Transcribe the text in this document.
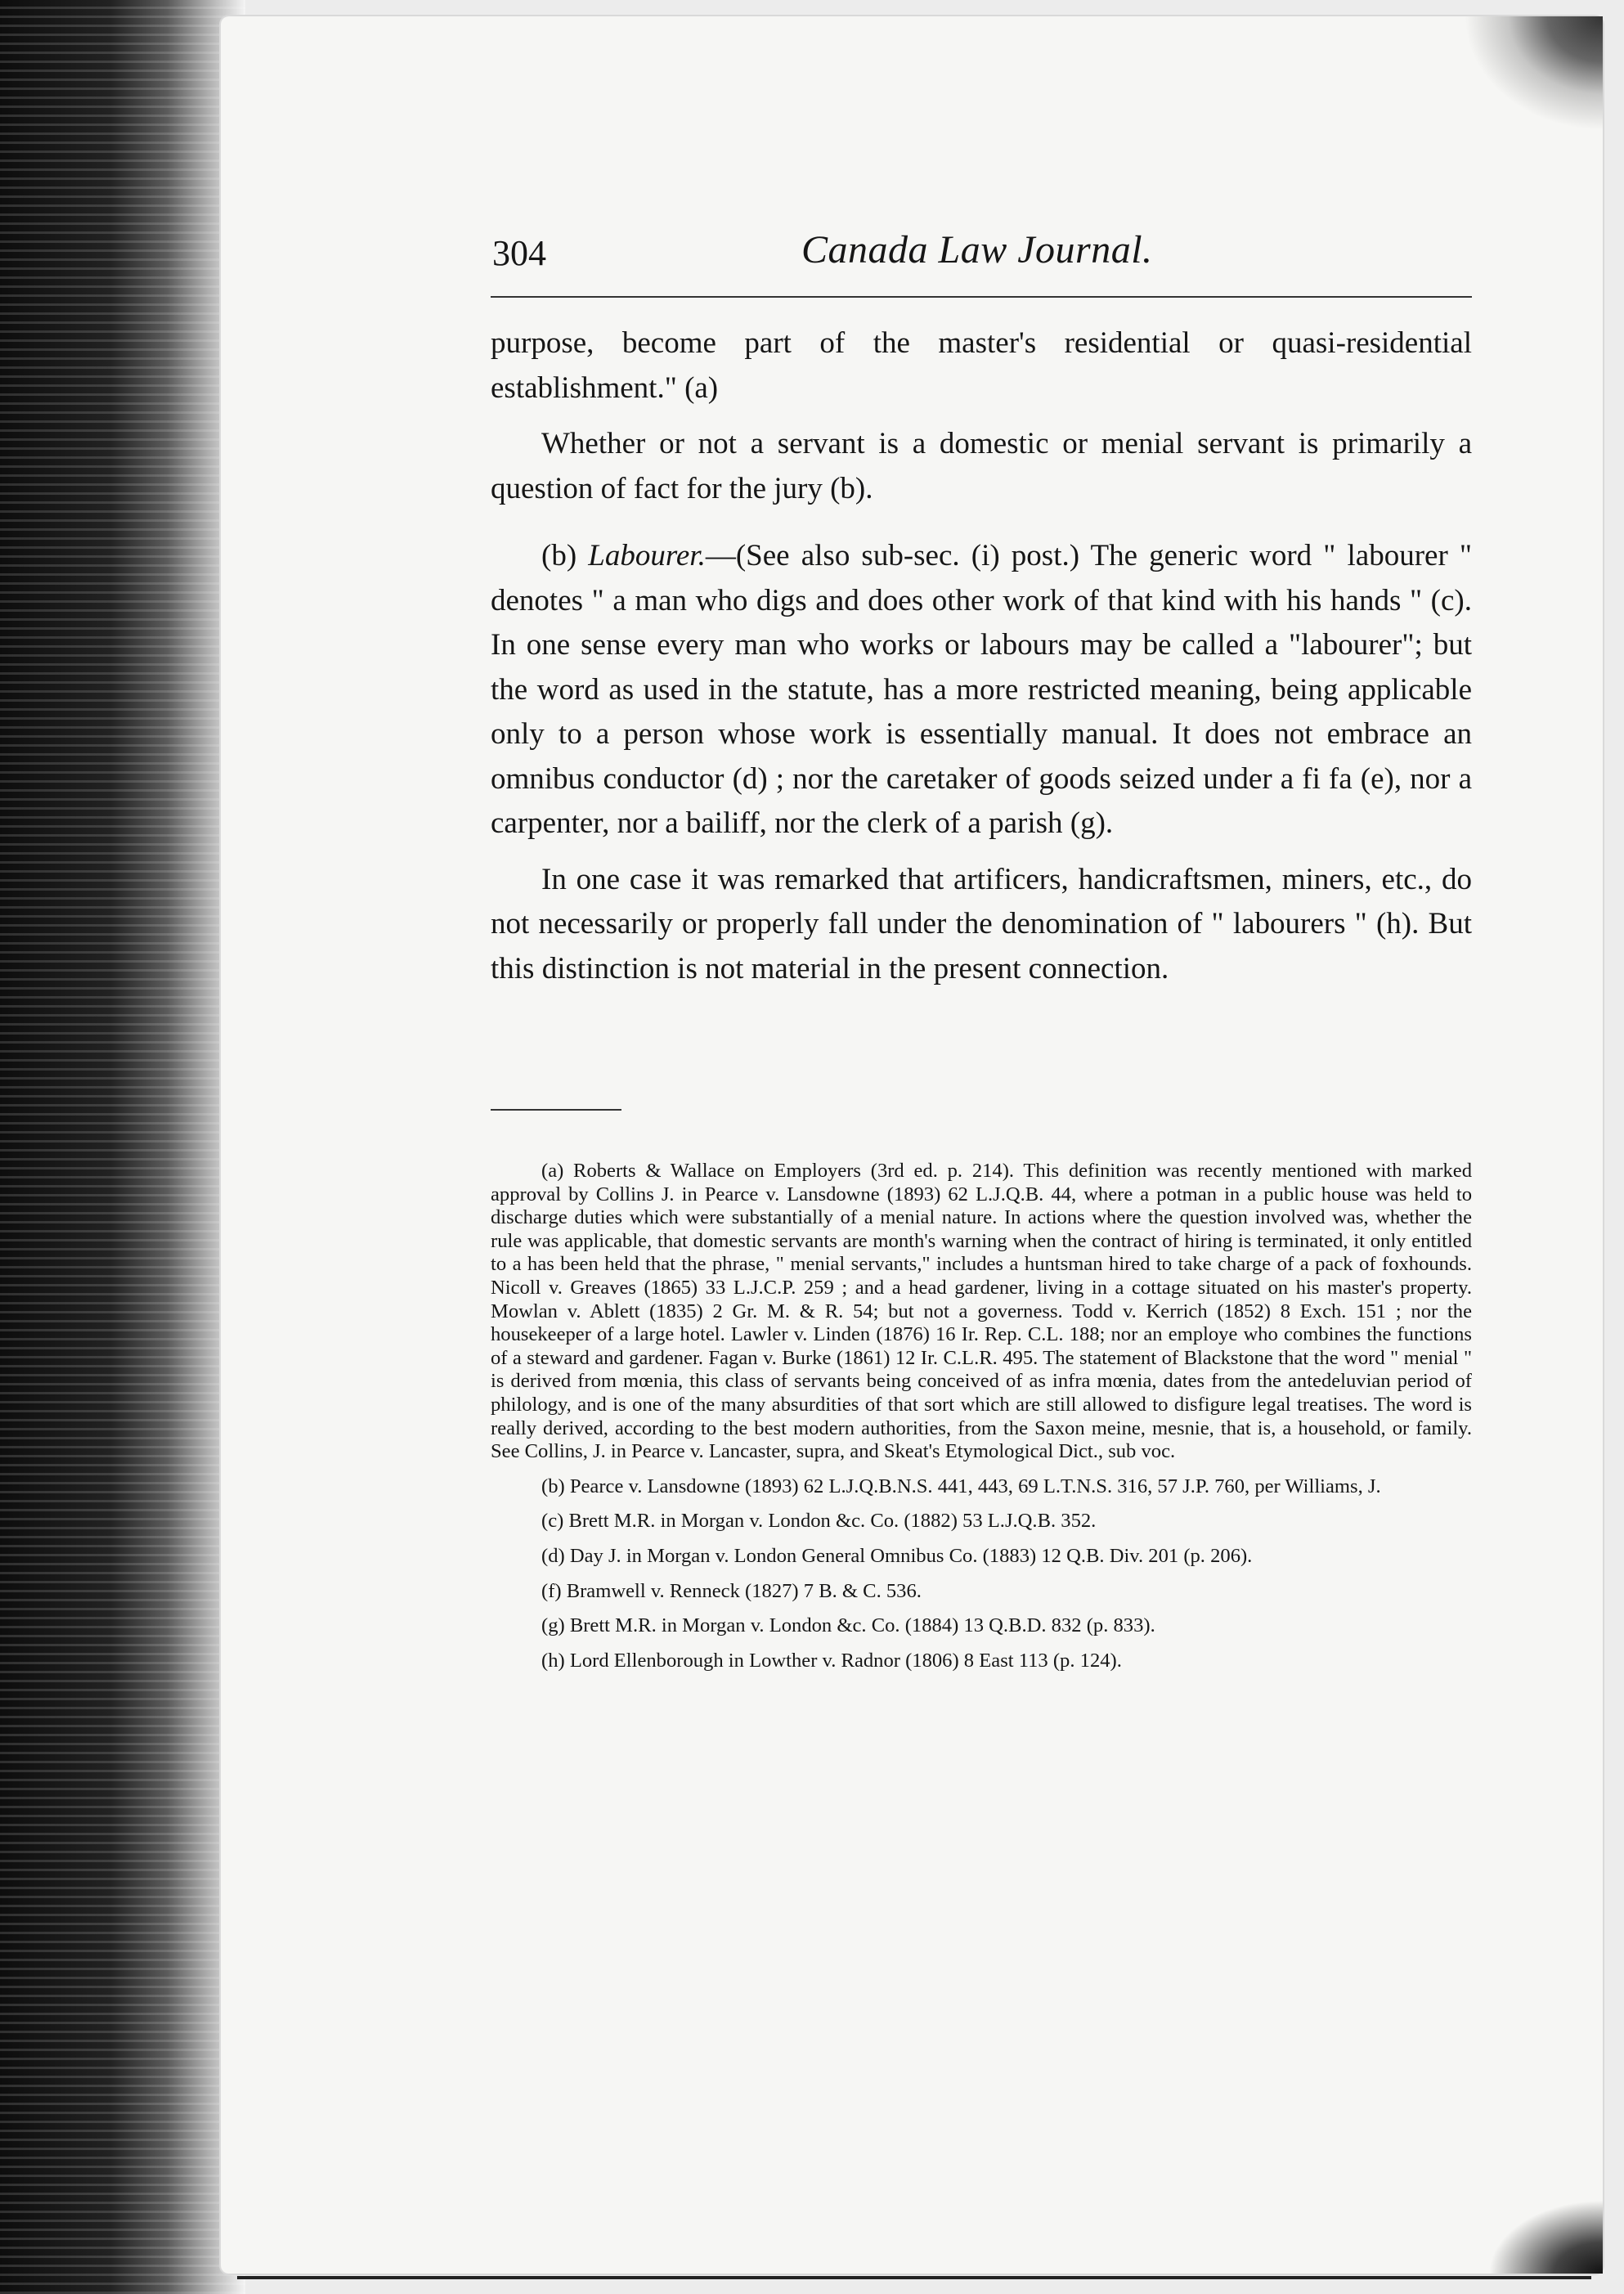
304	Canada Law Journal.

purpose, become part of the master's residential or quasi-residential establishment." (a)

Whether or not a servant is a domestic or menial servant is primarily a question of fact for the jury (b).

(b) Labourer.—(See also sub-sec. (i) post.) The generic word " labourer " denotes " a man who digs and does other work of that kind with his hands " (c). In one sense every man who works or labours may be called a "labourer"; but the word as used in the statute, has a more restricted meaning, being applicable only to a person whose work is essentially manual. It does not embrace an omnibus conductor (d) ; nor the caretaker of goods seized under a fi fa (e), nor a carpenter, nor a bailiff, nor the clerk of a parish (g).

In one case it was remarked that artificers, handicraftsmen, miners, etc., do not necessarily or properly fall under the denomination of " labourers " (h). But this distinction is not material in the present connection.

(a) Roberts & Wallace on Employers (3rd ed. p. 214). This definition was recently mentioned with marked approval by Collins J. in Pearce v. Lansdowne (1893) 62 L.J.Q.B. 44, where a potman in a public house was held to discharge duties which were substantially of a menial nature. In actions where the question involved was, whether the rule was applicable, that domestic servants are month's warning when the contract of hiring is terminated, it only entitled to a has been held that the phrase, " menial servants," includes a huntsman hired to take charge of a pack of foxhounds. Nicoll v. Greaves (1865) 33 L.J.C.P. 259 ; and a head gardener, living in a cottage situated on his master's property. Mowlan v. Ablett (1835) 2 Gr. M. & R. 54; but not a governess. Todd v. Kerrich (1852) 8 Exch. 151 ; nor the housekeeper of a large hotel. Lawler v. Linden (1876) 16 Ir. Rep. C.L. 188; nor an employe who combines the functions of a steward and gardener. Fagan v. Burke (1861) 12 Ir. C.L.R. 495. The statement of Blackstone that the word " menial " is derived from mœnia, this class of servants being conceived of as infra mœnia, dates from the antedeluvian period of philology, and is one of the many absurdities of that sort which are still allowed to disfigure legal treatises. The word is really derived, according to the best modern authorities, from the Saxon meine, mesnie, that is, a household, or family. See Collins, J. in Pearce v. Lancaster, supra, and Skeat's Etymological Dict., sub voc.

(b) Pearce v. Lansdowne (1893) 62 L.J.Q.B.N.S. 441, 443, 69 L.T.N.S. 316, 57 J.P. 760, per Williams, J.

(c) Brett M.R. in Morgan v. London &c. Co. (1882) 53 L.J.Q.B. 352.

(d) Day J. in Morgan v. London General Omnibus Co. (1883) 12 Q.B. Div. 201 (p. 206).

(f) Bramwell v. Renneck (1827) 7 B. & C. 536.

(g) Brett M.R. in Morgan v. London &c. Co. (1884) 13 Q.B.D. 832 (p. 833).

(h) Lord Ellenborough in Lowther v. Radnor (1806) 8 East 113 (p. 124).
